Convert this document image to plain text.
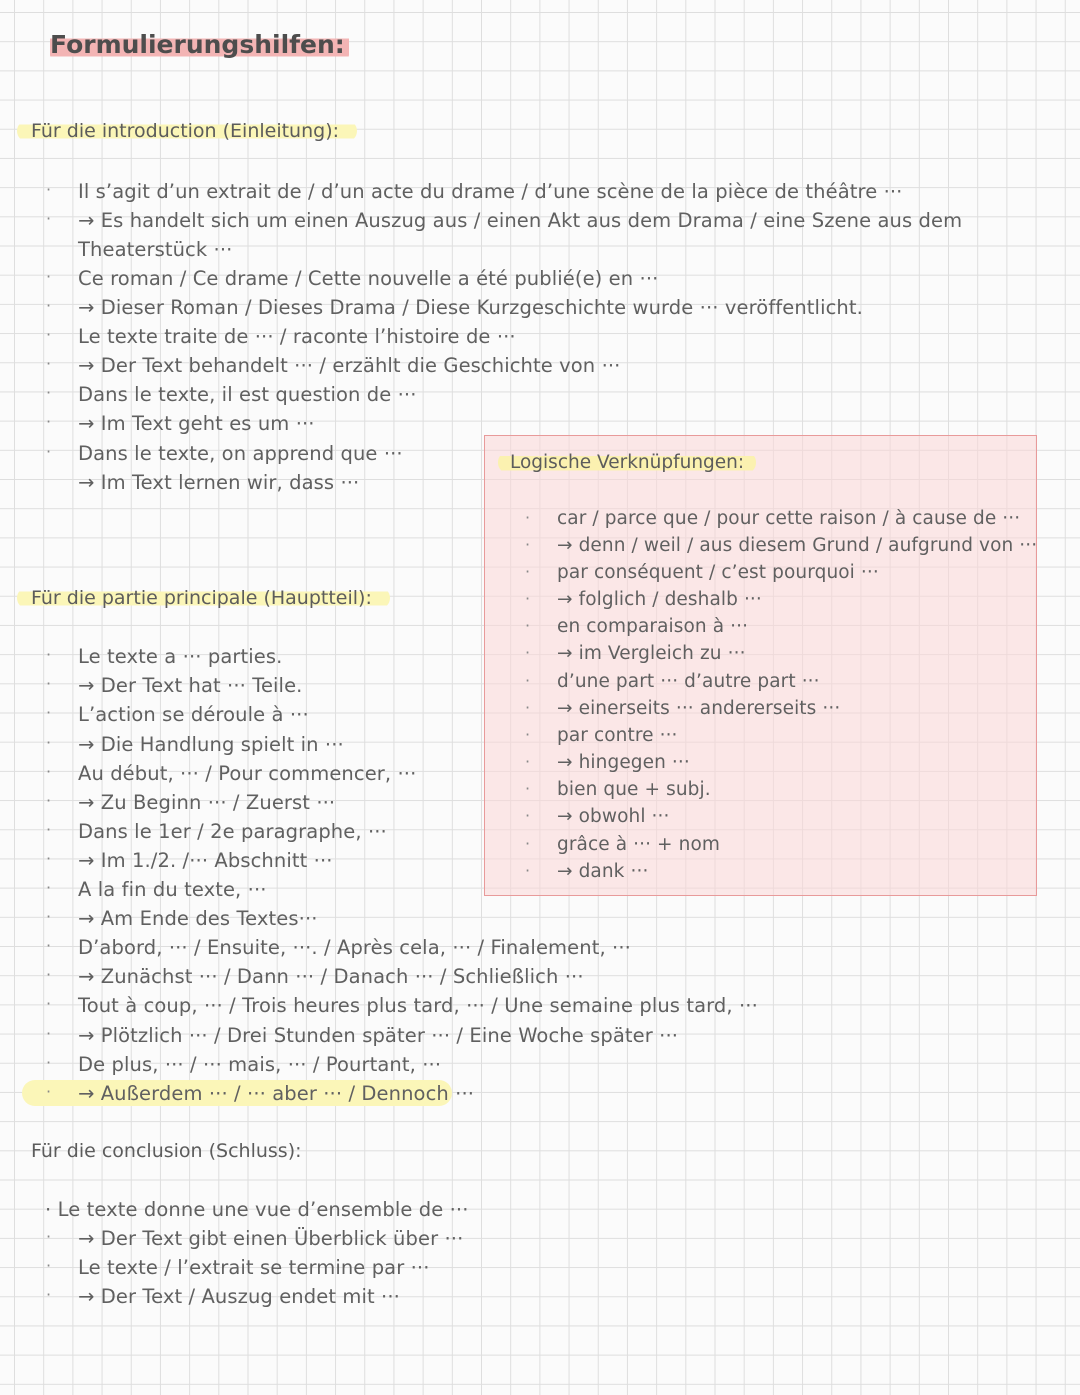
Formulierungshilfen:
Für die introduction (Einleitung):
· Il s’agit d’un extrait de / d’un acte du drame / d’une scène de la pièce de théâtre ···
· → Es handelt sich um einen Auszug aus / einen Akt aus dem Drama / eine Szene aus dem
Theaterstück ···
· Ce roman / Ce drame / Cette nouvelle a été publié(e) en ···
· → Dieser Roman / Dieses Drama / Diese Kurzgeschichte wurde ··· veröffentlicht.
· Le texte traite de ··· / raconte l’histoire de ···
· → Der Text behandelt ··· / erzählt die Geschichte von ···
· Dans le texte, il est question de ···
· → Im Text geht es um ···
· Dans le texte, on apprend que ···
→ Im Text lernen wir, dass ···
Für die partie principale (Hauptteil):
· Le texte a ··· parties.
· → Der Text hat ··· Teile.
· L’action se déroule à ···
· → Die Handlung spielt in ···
· Au début, ··· / Pour commencer, ···
· → Zu Beginn ··· / Zuerst ···
· Dans le 1er / 2e paragraphe, ···
· → Im 1./2. /··· Abschnitt ···
· A la fin du texte, ···
· → Am Ende des Textes···
· D’abord, ··· / Ensuite, ···. / Après cela, ··· / Finalement, ···
· → Zunächst ··· / Dann ··· / Danach ··· / Schließlich ···
· Tout à coup, ··· / Trois heures plus tard, ··· / Une semaine plus tard, ···
· → Plötzlich ··· / Drei Stunden später ··· / Eine Woche später ···
· De plus, ··· / ··· mais, ··· / Pourtant, ···
· → Außerdem ··· / ··· aber ··· / Dennoch ···
Für die conclusion (Schluss):
· Le texte donne une vue d’ensemble de ···
· → Der Text gibt einen Überblick über ···
· Le texte / l’extrait se termine par ···
· → Der Text / Auszug endet mit ···
Logische Verknüpfungen:
· car / parce que / pour cette raison / à cause de ···
· → denn / weil / aus diesem Grund / aufgrund von ···
· par conséquent / c’est pourquoi ···
· → folglich / deshalb ···
· en comparaison à ···
· → im Vergleich zu ···
· d’une part ··· d’autre part ···
· → einerseits ··· andererseits ···
· par contre ···
· → hingegen ···
· bien que + subj.
· → obwohl ···
· grâce à ··· + nom
· → dank ···
